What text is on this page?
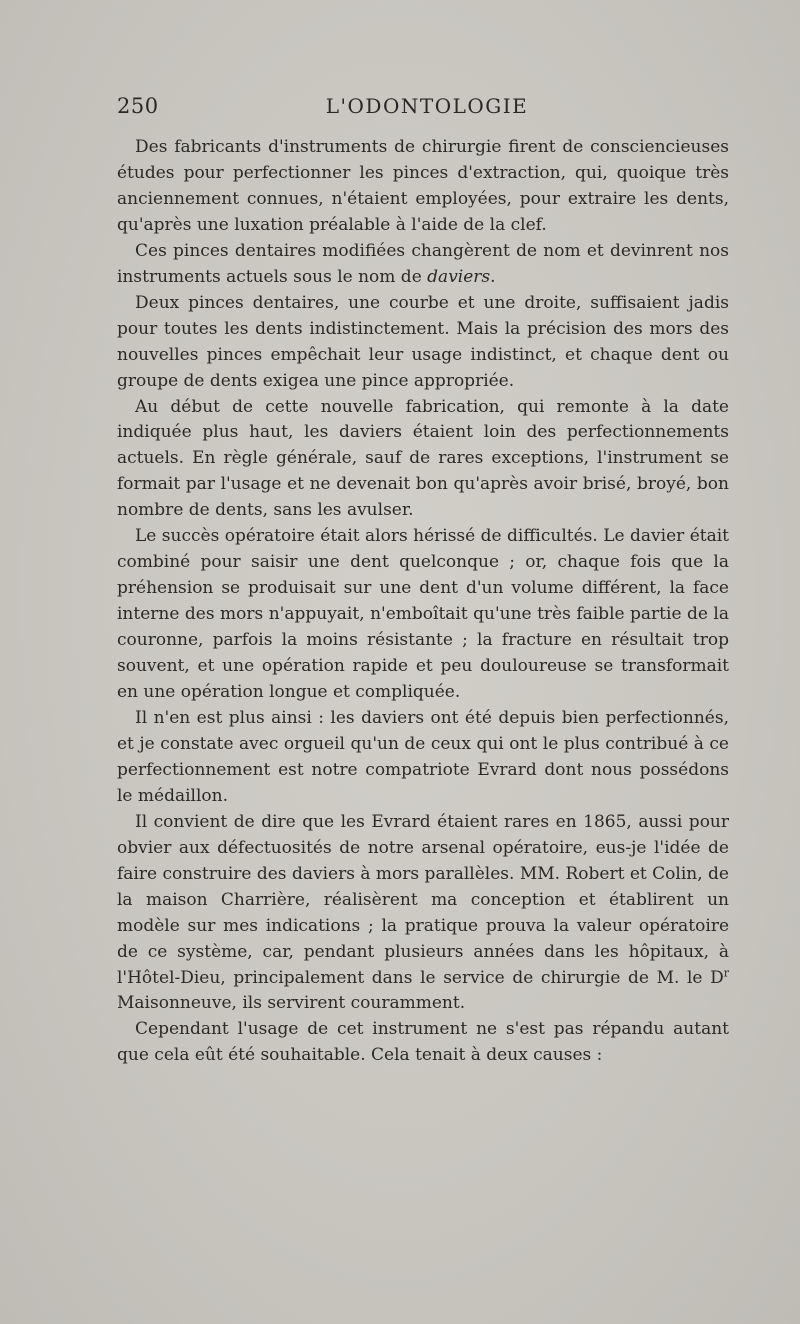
250	L'ODONTOLOGIE

Des fabricants d'instruments de chirurgie firent de consciencieuses études pour perfectionner les pinces d'extraction, qui, quoique très anciennement connues, n'étaient employées, pour extraire les dents, qu'après une luxation préalable à l'aide de la clef.

Ces pinces dentaires modifiées changèrent de nom et devinrent nos instruments actuels sous le nom de daviers.

Deux pinces dentaires, une courbe et une droite, suffisaient jadis pour toutes les dents indistinctement. Mais la précision des mors des nouvelles pinces empêchait leur usage indistinct, et chaque dent ou groupe de dents exigea une pince appropriée.

Au début de cette nouvelle fabrication, qui remonte à la date indiquée plus haut, les daviers étaient loin des perfectionnements actuels. En règle générale, sauf de rares exceptions, l'instrument se formait par l'usage et ne devenait bon qu'après avoir brisé, broyé, bon nombre de dents, sans les avulser.

Le succès opératoire était alors hérissé de difficultés. Le davier était combiné pour saisir une dent quelconque ; or, chaque fois que la préhension se produisait sur une dent d'un volume différent, la face interne des mors n'appuyait, n'emboîtait qu'une très faible partie de la couronne, parfois la moins résistante ; la fracture en résultait trop souvent, et une opération rapide et peu douloureuse se transformait en une opération longue et compliquée.

Il n'en est plus ainsi : les daviers ont été depuis bien perfectionnés, et je constate avec orgueil qu'un de ceux qui ont le plus contribué à ce perfectionnement est notre compatriote Evrard dont nous possédons le médaillon.

Il convient de dire que les Evrard étaient rares en 1865, aussi pour obvier aux défectuosités de notre arsenal opératoire, eus-je l'idée de faire construire des daviers à mors parallèles. MM. Robert et Colin, de la maison Charrière, réalisèrent ma conception et établirent un modèle sur mes indications ; la pratique prouva la valeur opératoire de ce système, car, pendant plusieurs années dans les hôpitaux, à l'Hôtel-Dieu, principalement dans le service de chirurgie de M. le $D^r$ Maisonneuve, ils servirent couramment.

Cependant l'usage de cet instrument ne s'est pas répandu autant que cela eût été souhaitable. Cela tenait à deux causes :
